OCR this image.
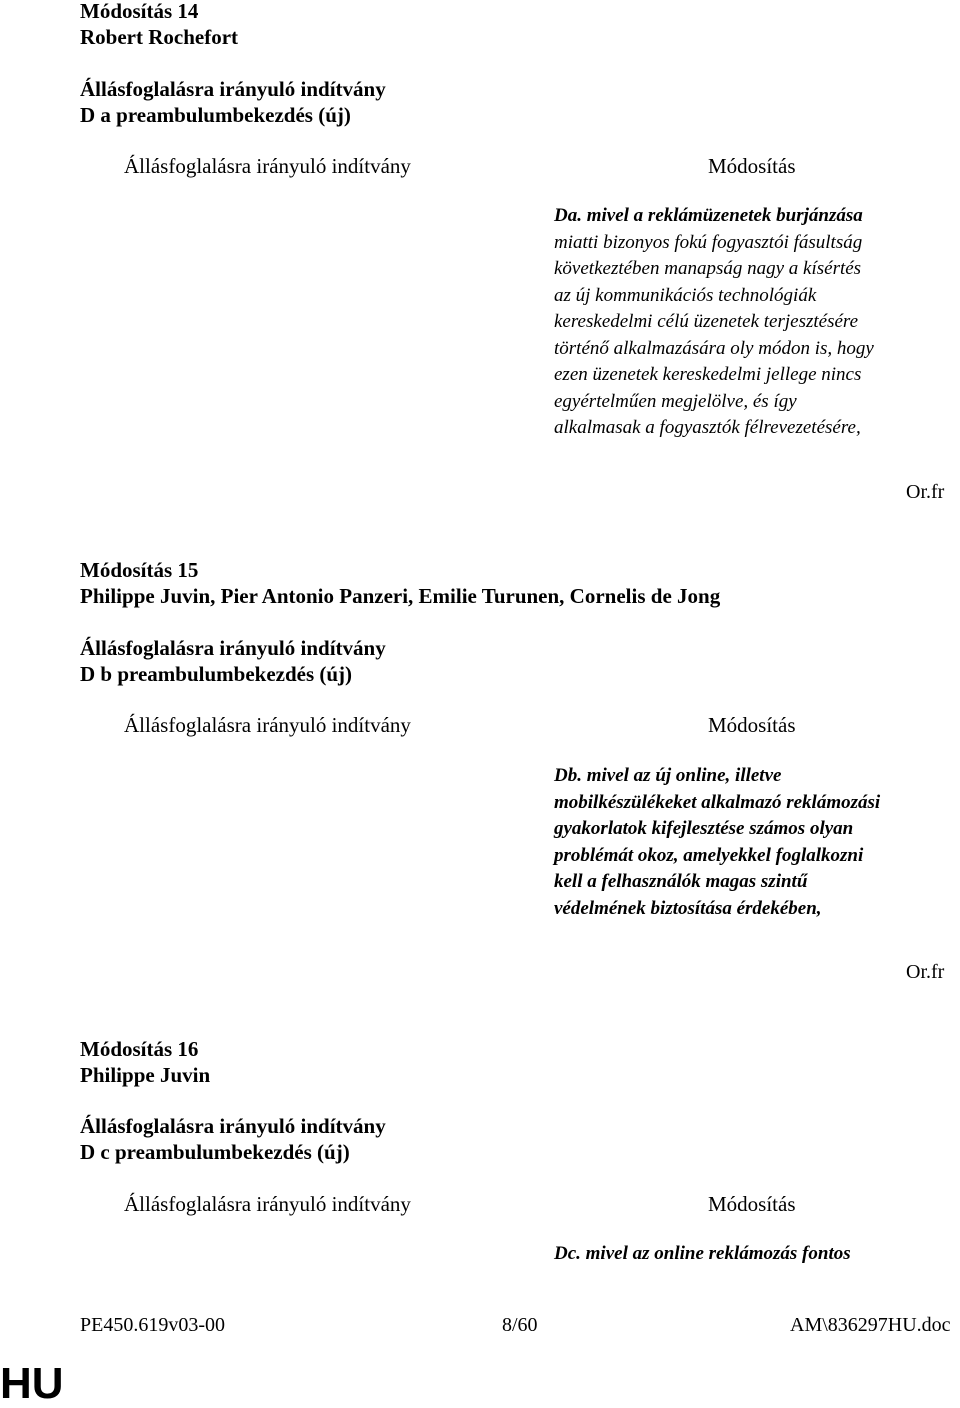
Módosítás 14
Robert Rochefort
Állásfoglalásra irányuló indítvány
D a preambulumbekezdés (új)
Állásfoglalásra irányuló indítvány	Módosítás
Da. mivel a reklámüzenetek burjánzása
miatti bizonyos fokú fogyasztói fásultság
következtében manapság nagy a kísértés
az új kommunikációs technológiák
kereskedelmi célú üzenetek terjesztésére
történő alkalmazására oly módon is, hogy
ezen üzenetek kereskedelmi jellege nincs
egyértelműen megjelölve, és így
alkalmasak a fogyasztók félrevezetésére,
Or.fr
Módosítás 15
Philippe Juvin, Pier Antonio Panzeri, Emilie Turunen, Cornelis de Jong
Állásfoglalásra irányuló indítvány
D b preambulumbekezdés (új)
Állásfoglalásra irányuló indítvány	Módosítás
Db. mivel az új online, illetve
mobilkészülékeket alkalmazó reklámozási
gyakorlatok kifejlesztése számos olyan
problémát okoz, amelyekkel foglalkozni
kell a felhasználók magas szintű
védelmének biztosítása érdekében,
Or.fr
Módosítás 16
Philippe Juvin
Állásfoglalásra irányuló indítvány
D c preambulumbekezdés (új)
Állásfoglalásra irányuló indítvány	Módosítás
Dc. mivel az online reklámozás fontos
PE450.619v03-00	8/60	AM\836297HU.doc
HU
